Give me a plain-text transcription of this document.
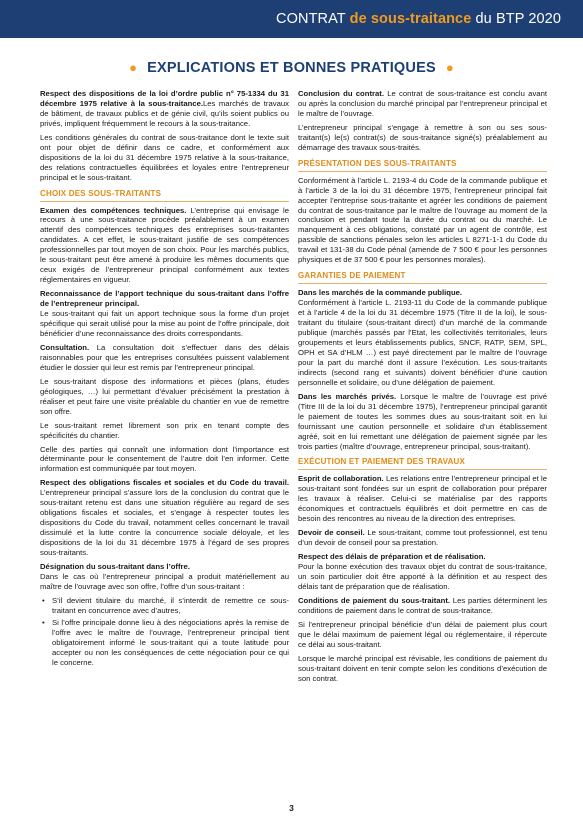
CONTRAT de sous-traitance du BTP 2020
● EXPLICATIONS ET BONNES PRATIQUES ●

Respect des dispositions de la loi d’ordre public n° 75-1334 du 31 décembre 1975 relative à la sous-traitance.Les marchés de travaux de bâtiment, de travaux publics et de génie civil, qu’ils soient publics ou privés, impliquent fréquemment le recours à la sous-traitance.

Les conditions générales du contrat de sous-traitance dont le texte suit ont pour objet de définir dans ce cadre, et conformément aux dispositions de la loi du 31 décembre 1975 relative à la sous-traitance, des relations contractuelles équilibrées et loyales entre l’entrepreneur principal et le sous-traitant.

CHOIX DES SOUS-TRAITANTS

Examen des compétences techniques. L’entreprise qui envisage le recours à une sous-traitance procède préalablement à un examen attentif des compétences techniques des entreprises sous-traitantes candidates. A cet effet, le sous-traitant justifie de ses compétences professionnelles par tout moyen de son choix. Pour les marchés publics, le sous-traitant peut être amené à produire les mêmes documents que ceux exigés de l’entrepreneur principal conformément aux textes réglementaires en vigueur.

Reconnaissance de l’apport technique du sous-traitant dans l’offre de l’entrepreneur principal.
Le sous-traitant qui fait un apport technique sous la forme d’un projet spécifique qui serait utilisé pour la mise au point de l’offre principale, doit bénéficier d’une reconnaissance des droits correspondants.

Consultation. La consultation doit s’effectuer dans des délais raisonnables pour que les entreprises consultées puissent valablement étudier le dossier qui leur est remis par l’entrepreneur principal.

Le sous-traitant dispose des informations et pièces (plans, études géologiques, …) lui permettant d’évaluer précisément la prestation à réaliser et peut faire une visite préalable du chantier en vue de remettre son offre.

Le sous-traitant remet librement son prix en tenant compte des spécificités du chantier.

Celle des parties qui connaît une information dont l’importance est déterminante pour le consentement de l’autre doit l’en informer. Cette information est communiquée par tout moyen.

Respect des obligations fiscales et sociales et du Code du travail. L’entrepreneur principal s’assure lors de la conclusion du contrat que le sous-traitant retenu est dans une situation régulière au regard de ses obligations fiscales et sociales, et s’engage à respecter toutes les dispositions du Code du travail, notamment celles concernant le travail dissimulé et la lutte contre la concurrence sociale déloyale, et les dispositions de la loi du 31 décembre 1975 à l’égard de ses propres sous-traitants.

Désignation du sous-traitant dans l’offre.
Dans le cas où l’entrepreneur principal a produit matériellement au maître de l’ouvrage avec son offre, l’offre d’un sous-traitant :

• S’il devient titulaire du marché, il s’interdit de remettre ce sous-traitant en concurrence avec d’autres,
• Si l’offre principale donne lieu à des négociations après la remise de l’offre avec le maître de l’ouvrage, l’entrepreneur principal tient obligatoirement informé le sous-traitant qui a toute latitude pour accepter ou non les conséquences de cette négociation pour ce qui le concerne.

Conclusion du contrat. Le contrat de sous-traitance est conclu avant ou après la conclusion du marché principal par l’entrepreneur principal et le maître de l’ouvrage.

L’entrepreneur principal s’engage à remettre à son ou ses sous-traitant(s) le(s) contrat(s) de sous-traitance signé(s) préalablement au démarrage des travaux sous-traités.

PRÉSENTATION DES SOUS-TRAITANTS

Conformément à l’article L. 2193-4 du Code de la commande publique et à l’article 3 de la loi du 31 décembre 1975, l’entrepreneur principal fait accepter l’entreprise sous-traitante et agréer les conditions de paiement du contrat de sous-traitance par le maître de l’ouvrage au moment de la conclusion et pendant toute la durée du contrat ou du marché. Le manquement à ces obligations, constaté par un agent de contrôle, est passible de sanctions pénales selon les articles L 8271-1-1 du Code du travail et 131-38 du Code pénal (amende de 7 500 € pour les personnes physiques et de 37 500 € pour les personnes morales).

GARANTIES DE PAIEMENT

Dans les marchés de la commande publique.
Conformément à l’article L. 2193-11 du Code de la commande publique et à l’article 4 de la loi du 31 décembre 1975 (Titre II de la loi), le sous-traitant du titulaire (sous-traitant direct) d’un marché de la commande publique (marchés passés par l’Etat, les collectivités territoriales, leurs groupements et leurs établissements publics, SNCF, RATP, SEM, SPL, OPH et SA d’HLM …) est payé directement par le maître de l’ouvrage pour la part du marché dont il assure l’exécution. Les sous-traitants indirects (second rang et suivants) doivent bénéficier d’une caution personnelle et solidaire, ou d’une délégation de paiement.

Dans les marchés privés. Lorsque le maître de l’ouvrage est privé (Titre III de la loi du 31 décembre 1975), l’entrepreneur principal garantit le paiement de toutes les sommes dues au sous-traitant soit en lui fournissant une caution personnelle et solidaire d’un établissement agréé, soit en lui remettant une délégation de paiement signée par les trois parties (maître d’ouvrage, entrepreneur principal, sous-traitant).

EXÉCUTION ET PAIEMENT DES TRAVAUX

Esprit de collaboration. Les relations entre l’entrepreneur principal et le sous-traitant sont fondées sur un esprit de collaboration pour préparer les travaux à réaliser. Celui-ci se matérialise par des rapports économiques et contractuels équilibrés et doit permettre en cas de besoin des rencontres au niveau de la direction des entreprises.

Devoir de conseil. Le sous-traitant, comme tout professionnel, est tenu d’un devoir de conseil pour sa prestation.

Respect des délais de préparation et de réalisation.
Pour la bonne exécution des travaux objet du contrat de sous-traitance, un soin particulier doit être apporté à la définition et au respect des délais tant de préparation que de réalisation.

Conditions de paiement du sous-traitant. Les parties déterminent les conditions de paiement dans le contrat de sous-traitance.

Si l’entrepreneur principal bénéficie d’un délai de paiement plus court que le délai maximum de paiement légal ou réglementaire, il répercute ce délai au sous-traitant.

Lorsque le marché principal est révisable, les conditions de paiement du sous-traitant doivent en tenir compte selon les conditions d’exécution de son contrat.

3
